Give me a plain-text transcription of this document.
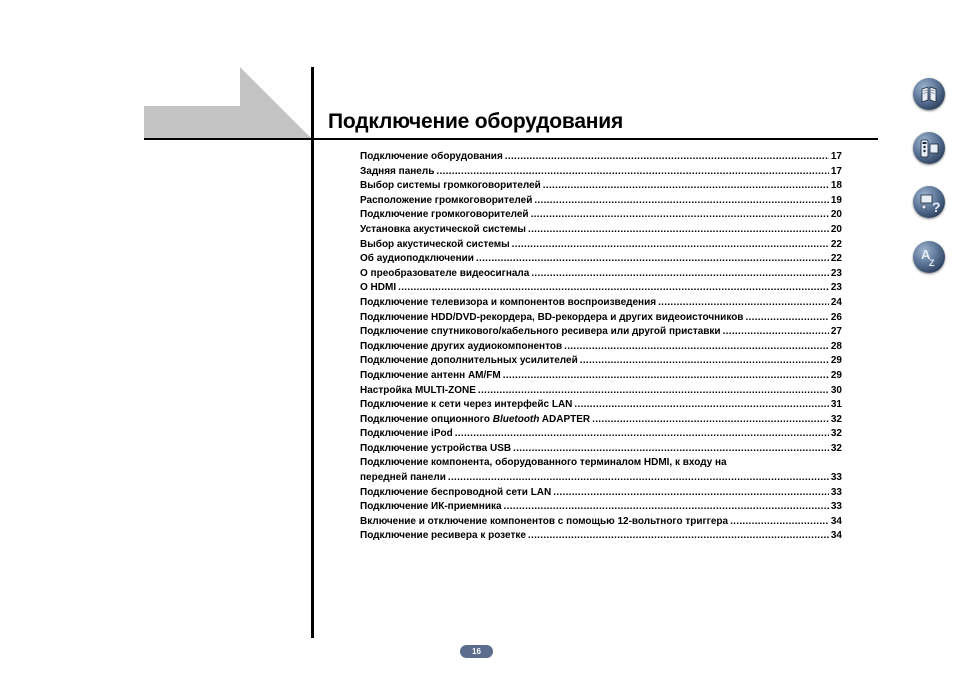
Подключение оборудования
Подключение оборудования .....	17
Задняя панель .....	17
Выбор системы громкоговорителей .....	18
Расположение громкоговорителей .....	19
Подключение громкоговорителей .....	20
Установка акустической системы .....	20
Выбор акустической системы .....	22
Об аудиоподключении .....	22
О преобразователе видеосигнала .....	23
О HDMI .....	23
Подключение телевизора и компонентов воспроизведения .....	24
Подключение HDD/DVD-рекордера, BD-рекордера и других видеоисточников .....	26
Подключение спутникового/кабельного ресивера или другой приставки .....	27
Подключение других аудиокомпонентов .....	28
Подключение дополнительных усилителей .....	29
Подключение антенн AM/FM .....	29
Настройка MULTI-ZONE .....	30
Подключение к сети через интерфейс LAN .....	31
Подключение опционного Bluetooth ADAPTER .....	32
Подключение iPod .....	32
Подключение устройства USB .....	32
Подключение компонента, оборудованного терминалом HDMI, к входу на
передней панели .....	33
Подключение беспроводной сети LAN .....	33
Подключение ИК-приемника .....	33
Включение и отключение компонентов с помощью 12-вольтного триггера .....	34
Подключение ресивера к розетке .....	34
?
A
Z
16
